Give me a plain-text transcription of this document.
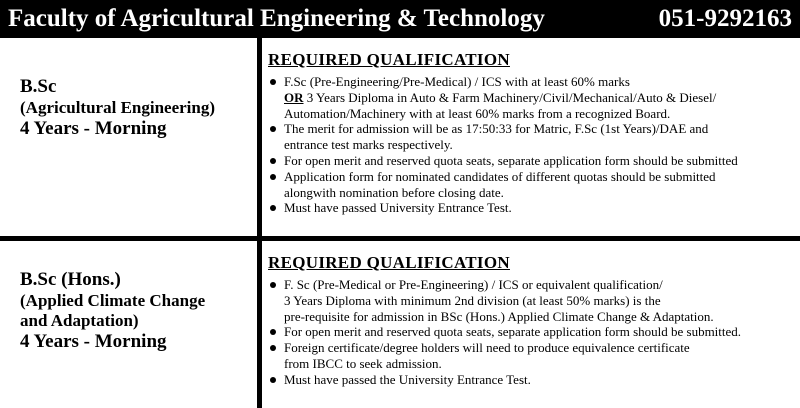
Faculty of Agricultural Engineering & Technology	051-9292163
B.Sc
(Agricultural Engineering)
4 Years - Morning
REQUIRED QUALIFICATION
F.Sc (Pre-Engineering/Pre-Medical) / ICS with at least 60% marks
OR 3 Years Diploma in Auto & Farm Machinery/Civil/Mechanical/Auto & Diesel/
Automation/Machinery with at least 60% marks from a recognized Board.
The merit for admission will be as 17:50:33 for Matric, F.Sc (1st Years)/DAE and
entrance test marks respectively.
For open merit and reserved quota seats, separate application form should be submitted
Application form for nominated candidates of different quotas should be submitted
alongwith nomination before closing date.
Must have passed University Entrance Test.
B.Sc (Hons.)
(Applied Climate Change
and Adaptation)
4 Years - Morning
REQUIRED QUALIFICATION
F. Sc (Pre-Medical or Pre-Engineering) / ICS or equivalent qualification/
3 Years Diploma with minimum 2nd division (at least 50% marks) is the
pre-requisite for admission in BSc (Hons.) Applied Climate Change & Adaptation.
For open merit and reserved quota seats, separate application form should be submitted.
Foreign certificate/degree holders will need to produce equivalence certificate
from IBCC to seek admission.
Must have passed the University Entrance Test.
